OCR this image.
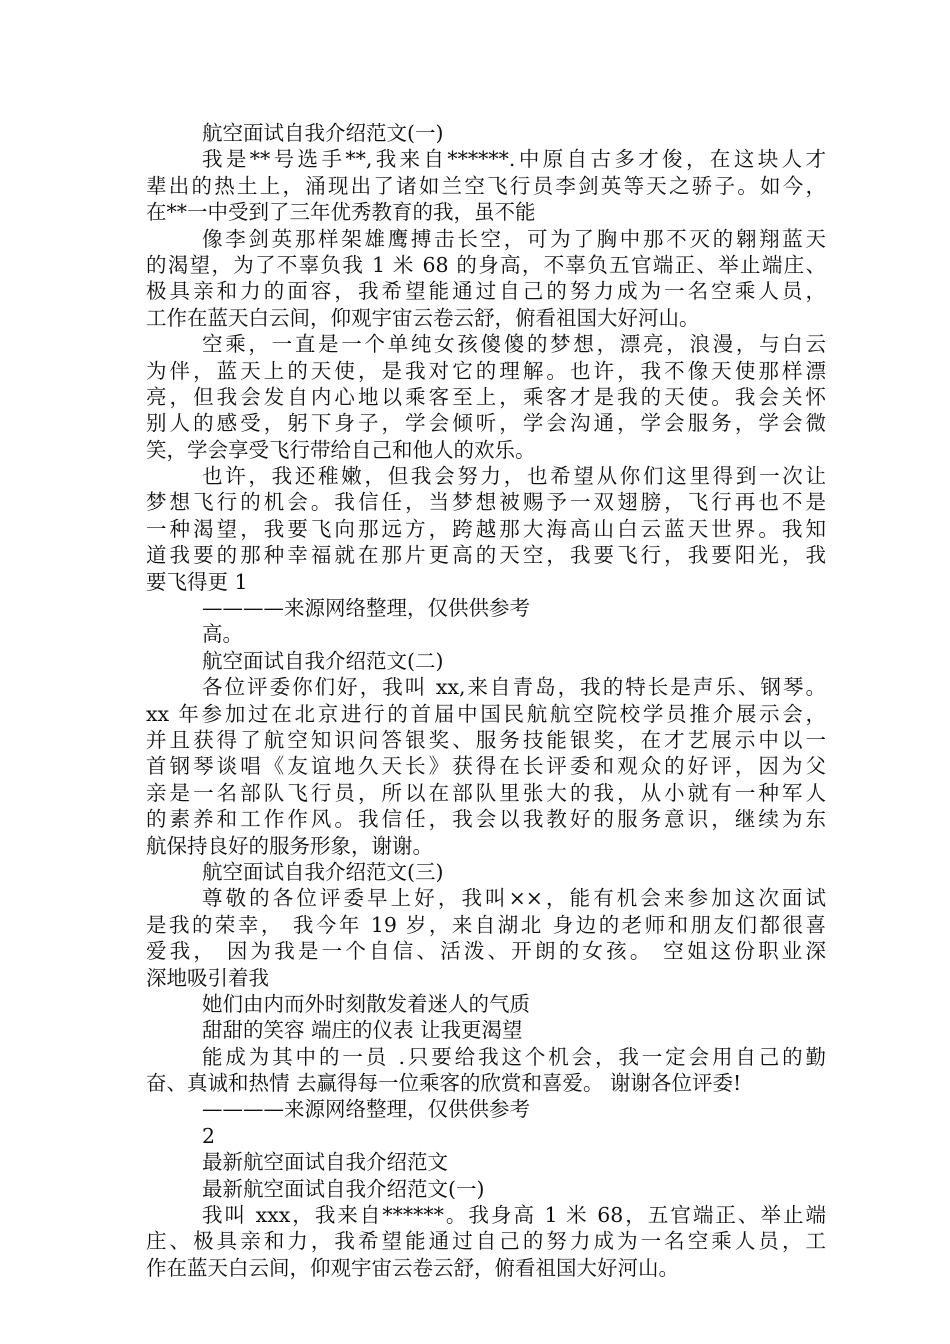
航空面试自我介绍范文(一)
我是**号选手**,我来自******.中原自古多才俊，在这块人才
辈出的热土上，涌现出了诸如兰空飞行员李剑英等天之骄子。如今，
在**一中受到了三年优秀教育的我，虽不能
像李剑英那样架雄鹰搏击长空，可为了胸中那不灭的翱翔蓝天
的渴望，为了不辜负我 1 米 68 的身高，不辜负五官端正、举止端庄、
极具亲和力的面容，我希望能通过自己的努力成为一名空乘人员，
工作在蓝天白云间，仰观宇宙云卷云舒，俯看祖国大好河山。
空乘，一直是一个单纯女孩傻傻的梦想，漂亮，浪漫，与白云
为伴，蓝天上的天使，是我对它的理解。也许，我不像天使那样漂
亮，但我会发自内心地以乘客至上，乘客才是我的天使。我会关怀
别人的感受，躬下身子，学会倾听，学会沟通，学会服务，学会微
笑，学会享受飞行带给自己和他人的欢乐。
也许，我还稚嫩，但我会努力，也希望从你们这里得到一次让
梦想飞行的机会。我信任，当梦想被赐予一双翅膀，飞行再也不是
一种渴望，我要飞向那远方，跨越那大海高山白云蓝天世界。我知
道我要的那种幸福就在那片更高的天空，我要飞行，我要阳光，我
要飞得更 1
————来源网络整理，仅供供参考
高。
航空面试自我介绍范文(二)
各位评委你们好，我叫 xx,来自青岛，我的特长是声乐、钢琴。
xx 年参加过在北京进行的首届中国民航航空院校学员推介展示会，
并且获得了航空知识问答银奖、服务技能银奖，在才艺展示中以一
首钢琴谈唱《友谊地久天长》获得在长评委和观众的好评，因为父
亲是一名部队飞行员，所以在部队里张大的我，从小就有一种军人
的素养和工作作风。我信任，我会以我教好的服务意识，继续为东
航保持良好的服务形象，谢谢。
航空面试自我介绍范文(三)
尊敬的各位评委早上好，我叫××，能有机会来参加这次面试
是我的荣幸， 我今年 19 岁，来自湖北 身边的老师和朋友们都很喜
爱我， 因为我是一个自信、活泼、开朗的女孩。 空姐这份职业深
深地吸引着我
她们由内而外时刻散发着迷人的气质
甜甜的笑容 端庄的仪表 让我更渴望
能成为其中的一员 .只要给我这个机会，我一定会用自己的勤
奋、真诚和热情 去赢得每一位乘客的欣赏和喜爱。 谢谢各位评委!
————来源网络整理，仅供供参考
2
最新航空面试自我介绍范文
最新航空面试自我介绍范文(一)
我叫 xxx，我来自******。我身高 1 米 68，五官端正、举止端
庄、极具亲和力，我希望能通过自己的努力成为一名空乘人员，工
作在蓝天白云间，仰观宇宙云卷云舒，俯看祖国大好河山。
